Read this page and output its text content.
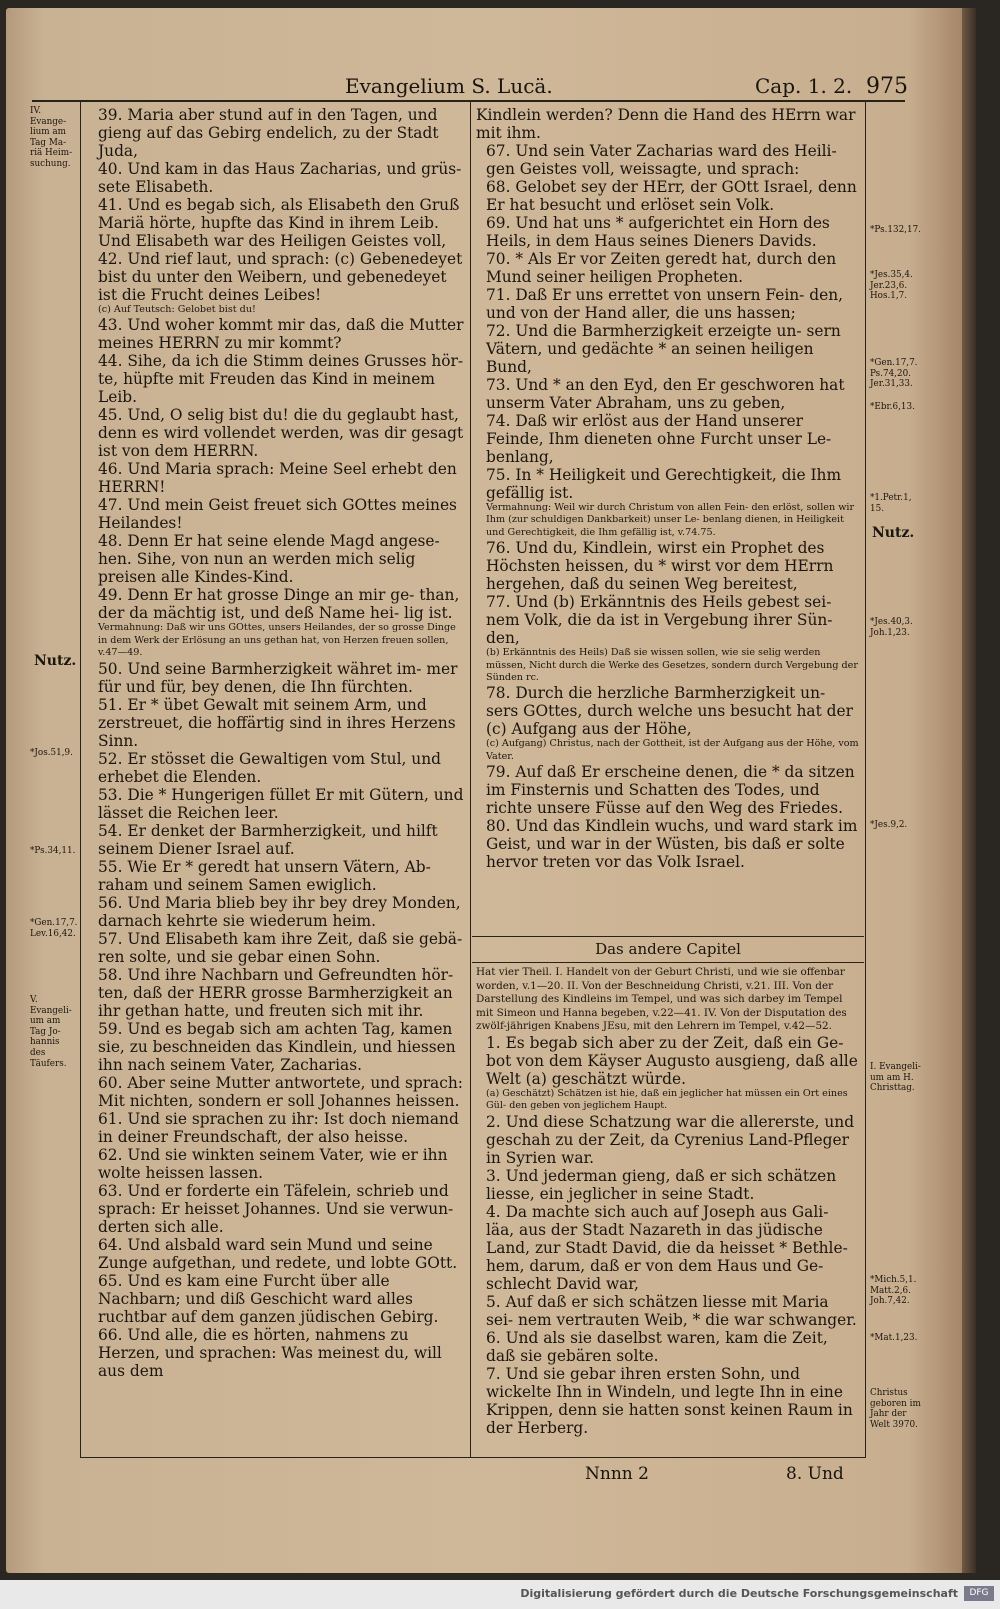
Evangelium S. Lucä.	Cap. 1. 2. 975
IV. Evange- lium am Tag Ma- riä Heim- suchung.
Nutz.
*Jos.51,9.
*Ps.34,11.
*Gen.17,7. Lev.16,42.
V. Evangeli- um am Tag Jo- hannis des Täufers.

39. Maria aber stund auf in den Tagen, und gieng auf das Gebirg endelich, zu der Stadt Juda,

40. Und kam in das Haus Zacharias, und grüs- sete Elisabeth.

41. Und es begab sich, als Elisabeth den Gruß Mariä hörte, hupfte das Kind in ihrem Leib. Und Elisabeth war des Heiligen Geistes voll,

42. Und rief laut, und sprach: (c) Gebenedeyet bist du unter den Weibern, und gebenedeyet ist die Frucht deines Leibes!

(c) Auf Teutsch: Gelobet bist du!

43. Und woher kommt mir das, daß die Mutter meines HERRN zu mir kommt?

44. Sihe, da ich die Stimm deines Grusses hör- te, hüpfte mit Freuden das Kind in meinem Leib.

45. Und, O selig bist du! die du geglaubt hast, denn es wird vollendet werden, was dir gesagt ist von dem HERRN.

46. Und Maria sprach: Meine Seel erhebt den HERRN!

47. Und mein Geist freuet sich GOttes meines Heilandes!

48. Denn Er hat seine elende Magd angese- hen. Sihe, von nun an werden mich selig preisen alle Kindes-Kind.

49. Denn Er hat grosse Dinge an mir ge- than, der da mächtig ist, und deß Name hei- lig ist.

Vermahnung: Daß wir uns GOttes, unsers Heilandes, der so grosse Dinge in dem Werk der Erlösung an uns gethan hat, von Herzen freuen sollen, v.47—49.

50. Und seine Barmherzigkeit währet im- mer für und für, bey denen, die Ihn fürchten.

51. Er * übet Gewalt mit seinem Arm, und zerstreuet, die hoffärtig sind in ihres Herzens Sinn.

52. Er stösset die Gewaltigen vom Stul, und erhebet die Elenden.

53. Die * Hungerigen füllet Er mit Gütern, und lässet die Reichen leer.

54. Er denket der Barmherzigkeit, und hilft seinem Diener Israel auf.

55. Wie Er * geredt hat unsern Vätern, Ab- raham und seinem Samen ewiglich.

56. Und Maria blieb bey ihr bey drey Monden, darnach kehrte sie wiederum heim.

57. Und Elisabeth kam ihre Zeit, daß sie gebä- ren solte, und sie gebar einen Sohn.

58. Und ihre Nachbarn und Gefreundten hör- ten, daß der HERR grosse Barmherzigkeit an ihr gethan hatte, und freuten sich mit ihr.

59. Und es begab sich am achten Tag, kamen sie, zu beschneiden das Kindlein, und hiessen ihn nach seinem Vater, Zacharias.

60. Aber seine Mutter antwortete, und sprach: Mit nichten, sondern er soll Johannes heissen.

61. Und sie sprachen zu ihr: Ist doch niemand in deiner Freundschaft, der also heisse.

62. Und sie winkten seinem Vater, wie er ihn wolte heissen lassen.

63. Und er forderte ein Täfelein, schrieb und sprach: Er heisset Johannes. Und sie verwun- derten sich alle.

64. Und alsbald ward sein Mund und seine Zunge aufgethan, und redete, und lobte GOtt.

65. Und es kam eine Furcht über alle Nachbarn; und diß Geschicht ward alles ruchtbar auf dem ganzen jüdischen Gebirg.

66. Und alle, die es hörten, nahmens zu Herzen, und sprachen: Was meinest du, will aus dem

Kindlein werden? Denn die Hand des HErrn war mit ihm.

67. Und sein Vater Zacharias ward des Heili- gen Geistes voll, weissagte, und sprach:

68. Gelobet sey der HErr, der GOtt Israel, denn Er hat besucht und erlöset sein Volk.

69. Und hat uns * aufgerichtet ein Horn des Heils, in dem Haus seines Dieners Davids.

70. * Als Er vor Zeiten geredt hat, durch den Mund seiner heiligen Propheten.

71. Daß Er uns errettet von unsern Fein- den, und von der Hand aller, die uns hassen;

72. Und die Barmherzigkeit erzeigte un- sern Vätern, und gedächte * an seinen heiligen Bund,

73. Und * an den Eyd, den Er geschworen hat unserm Vater Abraham, uns zu geben,

74. Daß wir erlöst aus der Hand unserer Feinde, Ihm dieneten ohne Furcht unser Le- benlang,

75. In * Heiligkeit und Gerechtigkeit, die Ihm gefällig ist.

Vermahnung: Weil wir durch Christum von allen Fein- den erlöst, sollen wir Ihm (zur schuldigen Dankbarkeit) unser Le- benlang dienen, in Heiligkeit und Gerechtigkeit, die Ihm gefällig ist, v.74.75.

76. Und du, Kindlein, wirst ein Prophet des Höchsten heissen, du * wirst vor dem HErrn hergehen, daß du seinen Weg bereitest,

77. Und (b) Erkänntnis des Heils gebest sei- nem Volk, die da ist in Vergebung ihrer Sün- den,

(b) Erkänntnis des Heils) Daß sie wissen sollen, wie sie selig werden müssen, Nicht durch die Werke des Gesetzes, sondern durch Vergebung der Sünden rc.

78. Durch die herzliche Barmherzigkeit un- sers GOttes, durch welche uns besucht hat der (c) Aufgang aus der Höhe,

(c) Aufgang) Christus, nach der Gottheit, ist der Aufgang aus der Höhe, vom Vater.

79. Auf daß Er erscheine denen, die * da sitzen im Finsternis und Schatten des Todes, und richte unsere Füsse auf den Weg des Friedes.

80. Und das Kindlein wuchs, und ward stark im Geist, und war in der Wüsten, bis daß er solte hervor treten vor das Volk Israel.

Das andere Capitel

Hat vier Theil. I. Handelt von der Geburt Christi, und wie sie offenbar worden, v.1—20. II. Von der Beschneidung Christi, v.21. III. Von der Darstellung des Kindleins im Tempel, und was sich darbey im Tempel mit Simeon und Hanna begeben, v.22—41. IV. Von der Disputation des zwölf-jährigen Knabens JEsu, mit den Lehrern im Tempel, v.42—52.

1. Es begab sich aber zu der Zeit, daß ein Ge- bot von dem Käyser Augusto ausgieng, daß alle Welt (a) geschätzt würde.

(a) Geschätzt) Schätzen ist hie, daß ein jeglicher hat müssen ein Ort eines Gül- den geben von jeglichem Haupt.

2. Und diese Schatzung war die allererste, und geschah zu der Zeit, da Cyrenius Land-Pfleger in Syrien war.

3. Und jederman gieng, daß er sich schätzen liesse, ein jeglicher in seine Stadt.

4. Da machte sich auch auf Joseph aus Gali- läa, aus der Stadt Nazareth in das jüdische Land, zur Stadt David, die da heisset * Bethle- hem, darum, daß er von dem Haus und Ge- schlecht David war,

5. Auf daß er sich schätzen liesse mit Maria sei- nem vertrauten Weib, * die war schwanger.

6. Und als sie daselbst waren, kam die Zeit, daß sie gebären solte.

7. Und sie gebar ihren ersten Sohn, und wickelte Ihn in Windeln, und legte Ihn in eine Krippen, denn sie hatten sonst keinen Raum in der Herberg.

*Ps.132,17.
*Jes.35,4. Jer.23,6. Hos.1,7.
*Gen.17,7. Ps.74,20. Jer.31,33.
*Ebr.6,13.
*1.Petr.1, 15.
Nutz.
*Jes.40,3. Joh.1,23.
*Jes.9,2.
I. Evangeli- um am H. Christtag.
*Mich.5,1. Matt.2,6. Joh.7,42.
*Mat.1,23.
Christus geboren im Jahr der Welt 3970.
Nnnn 2	8. Und
Digitalisierung gefördert durch die Deutsche Forschungsgemeinschaft	DFG
